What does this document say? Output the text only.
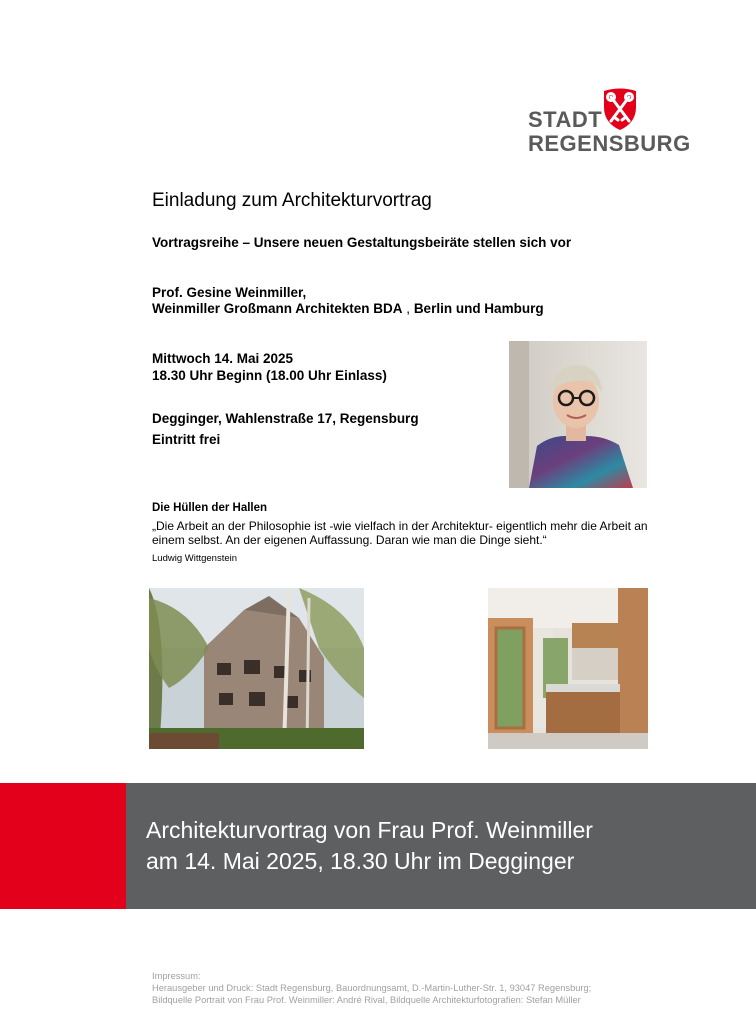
STADT
REGENSBURG
Einladung zum Architekturvortrag
Vortragsreihe – Unsere neuen Gestaltungsbeiräte stellen sich vor
Prof. Gesine Weinmiller,
Weinmiller Großmann Architekten BDA , Berlin und Hamburg
Mittwoch 14. Mai 2025
18.30 Uhr Beginn (18.00 Uhr Einlass)
Degginger, Wahlenstraße 17, Regensburg
Eintritt frei
Die Hüllen der Hallen
„Die Arbeit an der Philosophie ist -wie vielfach in der Architektur- eigentlich mehr die Arbeit an einem selbst. An der eigenen Auffassung. Daran wie man die Dinge sieht.“
Ludwig Wittgenstein
Architekturvortrag von Frau Prof. Weinmiller
am 14. Mai 2025, 18.30 Uhr im Degginger
Impressum:
Herausgeber und Druck: Stadt Regensburg, Bauordnungsamt, D.-Martin-Luther-Str. 1, 93047 Regensburg;
Bildquelle Portrait von Frau Prof. Weinmiller: André Rival, Bildquelle Architekturfotografien: Stefan Müller
